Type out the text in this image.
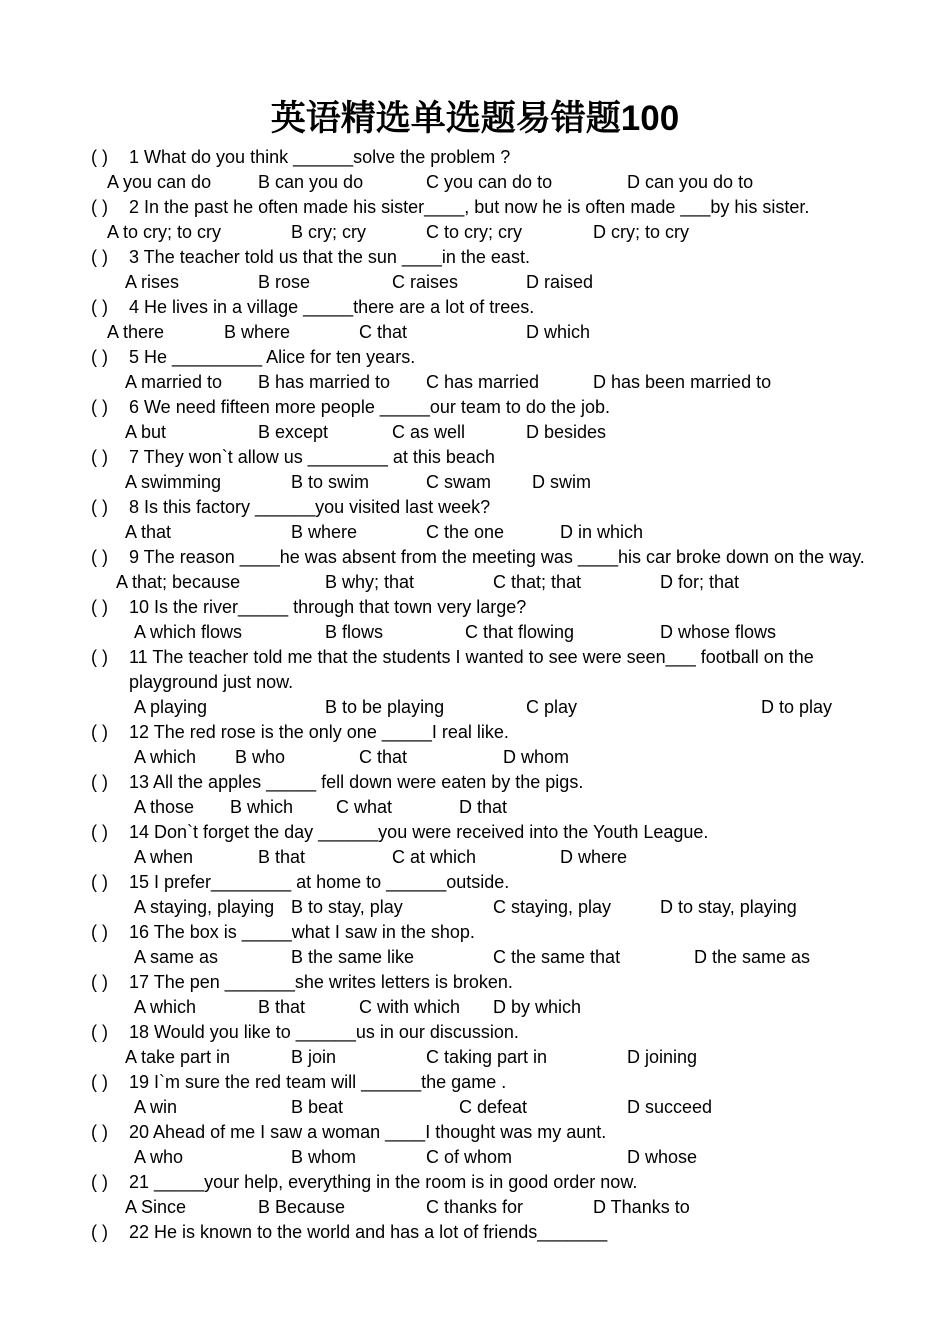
英语精选单选题易错题100
( )	1 What do you think ______solve the problem ?
A you can do	B can you do	C you can do to	D can you do to
( )	2 In the past he often made his sister____, but now he is often made ___by his sister.
A to cry; to cry	B cry; cry	C to cry; cry	D cry; to cry
( )	3 The teacher told us that the sun ____in the east.
A rises	B rose	C raises	D raised
( )	4 He lives in a village _____there are a lot of trees.
A there	B where	C that	D which
( )	5 He _________ Alice for ten years.
A married to B has married to C has married	D has been married to
( )	6 We need fifteen more people _____our team to do the job.
A but	B except	C as well	D besides
( )	7 They won`t allow us ________ at this beach
A swimming	B to swim	C swam D swim
( )	8 Is this factory ______you visited last week?
A that	B where	C the one	D in which
( )	9 The reason ____he was absent from the meeting was ____his car broke down on the way.
A that; because	B why; that	C that; that	D for; that
( )	10 Is the river_____ through that town very large?
A which flows	B flows	C that flowing	D whose flows
( )	11 The teacher told me that the students I wanted to see were seen___ football on the playground just now.
A playing	B to be playing	C play	D to play
( )	12 The red rose is the only one _____I real like.
A which B who	C that	D whom
( )	13 All the apples _____ fell down were eaten by the pigs.
A those B which C what	D that
( )	14 Don`t forget the day ______you were received into the Youth League.
A when	B that	C at which	D where
( )	15 I prefer________ at home to ______outside.
A staying, playing B to stay, play	C staying, play	D to stay, playing
( )	16 The box is _____what I saw in the shop.
A same as	B the same like	C the same that	D the same as
( )	17 The pen _______she writes letters is broken.
A which	B that	C with which D by which
( )	18 Would you like to ______us in our discussion.
A take part in	B join	C taking part in	D joining
( )	19 I`m sure the red team will ______the game .
A win	B beat	C defeat	D succeed
( )	20 Ahead of me I saw a woman ____I thought was my aunt.
A who	B whom	C of whom	D whose
( )	21 _____your help, everything in the room is in good order now.
A Since	B Because	C thanks for	D Thanks to
( )	22 He is known to the world and has a lot of friends_______
